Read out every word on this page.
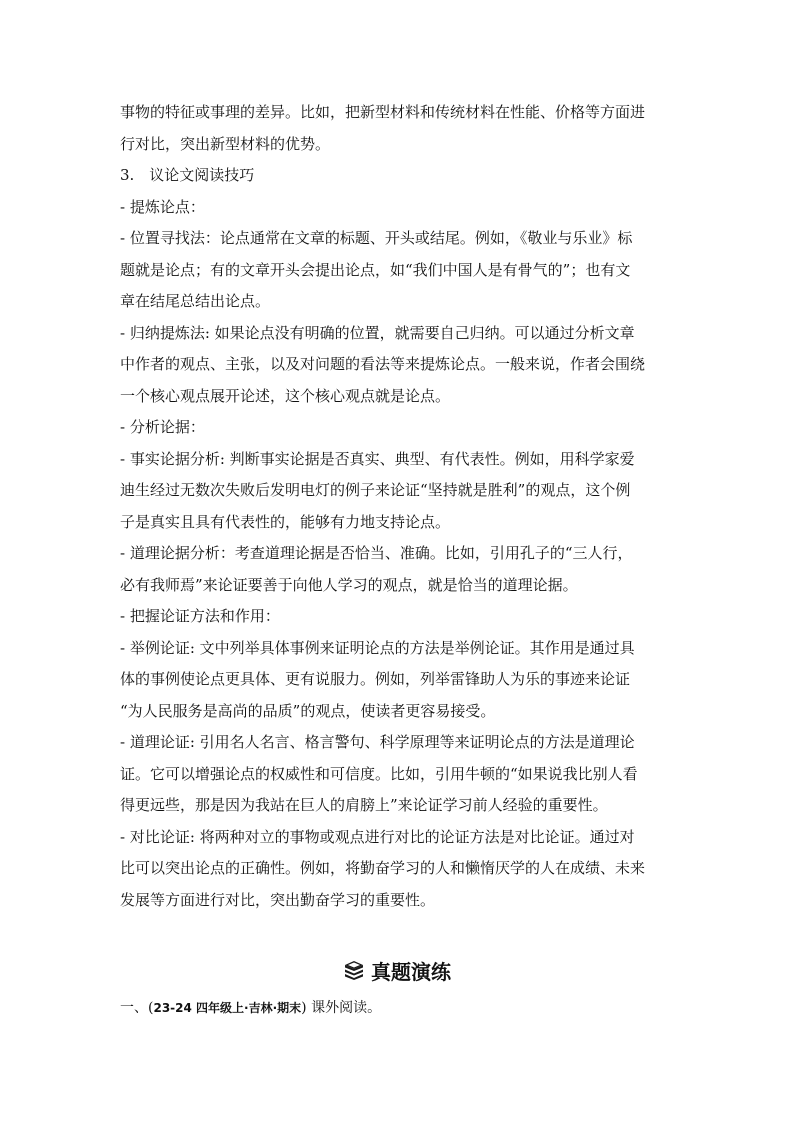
事物的特征或事理的差异。比如，把新型材料和传统材料在性能、价格等方面进
行对比，突出新型材料的优势。
3.　议论文阅读技巧
- 提炼论点：
- 位置寻找法：论点通常在文章的标题、开头或结尾。例如，《敬业与乐业》标
题就是论点；有的文章开头会提出论点，如“我们中国人是有骨气的”；也有文
章在结尾总结出论点。
- 归纳提炼法: 如果论点没有明确的位置，就需要自己归纳。可以通过分析文章
中作者的观点、主张，以及对问题的看法等来提炼论点。一般来说，作者会围绕
一个核心观点展开论述，这个核心观点就是论点。
- 分析论据：
- 事实论据分析: 判断事实论据是否真实、典型、有代表性。例如，用科学家爱
迪生经过无数次失败后发明电灯的例子来论证“坚持就是胜利”的观点，这个例
子是真实且具有代表性的，能够有力地支持论点。
- 道理论据分析：考查道理论据是否恰当、准确。比如，引用孔子的“三人行，
必有我师焉”来论证要善于向他人学习的观点，就是恰当的道理论据。
- 把握论证方法和作用：
- 举例论证: 文中列举具体事例来证明论点的方法是举例论证。其作用是通过具
体的事例使论点更具体、更有说服力。例如，列举雷锋助人为乐的事迹来论证
“为人民服务是高尚的品质”的观点，使读者更容易接受。
- 道理论证: 引用名人名言、格言警句、科学原理等来证明论点的方法是道理论
证。它可以增强论点的权威性和可信度。比如，引用牛顿的“如果说我比别人看
得更远些，那是因为我站在巨人的肩膀上”来论证学习前人经验的重要性。
- 对比论证: 将两种对立的事物或观点进行对比的论证方法是对比论证。通过对
比可以突出论点的正确性。例如，将勤奋学习的人和懒惰厌学的人在成绩、未来
发展等方面进行对比，突出勤奋学习的重要性。
真题演练
一、(23-24 四年级上·吉林·期末) 课外阅读。
